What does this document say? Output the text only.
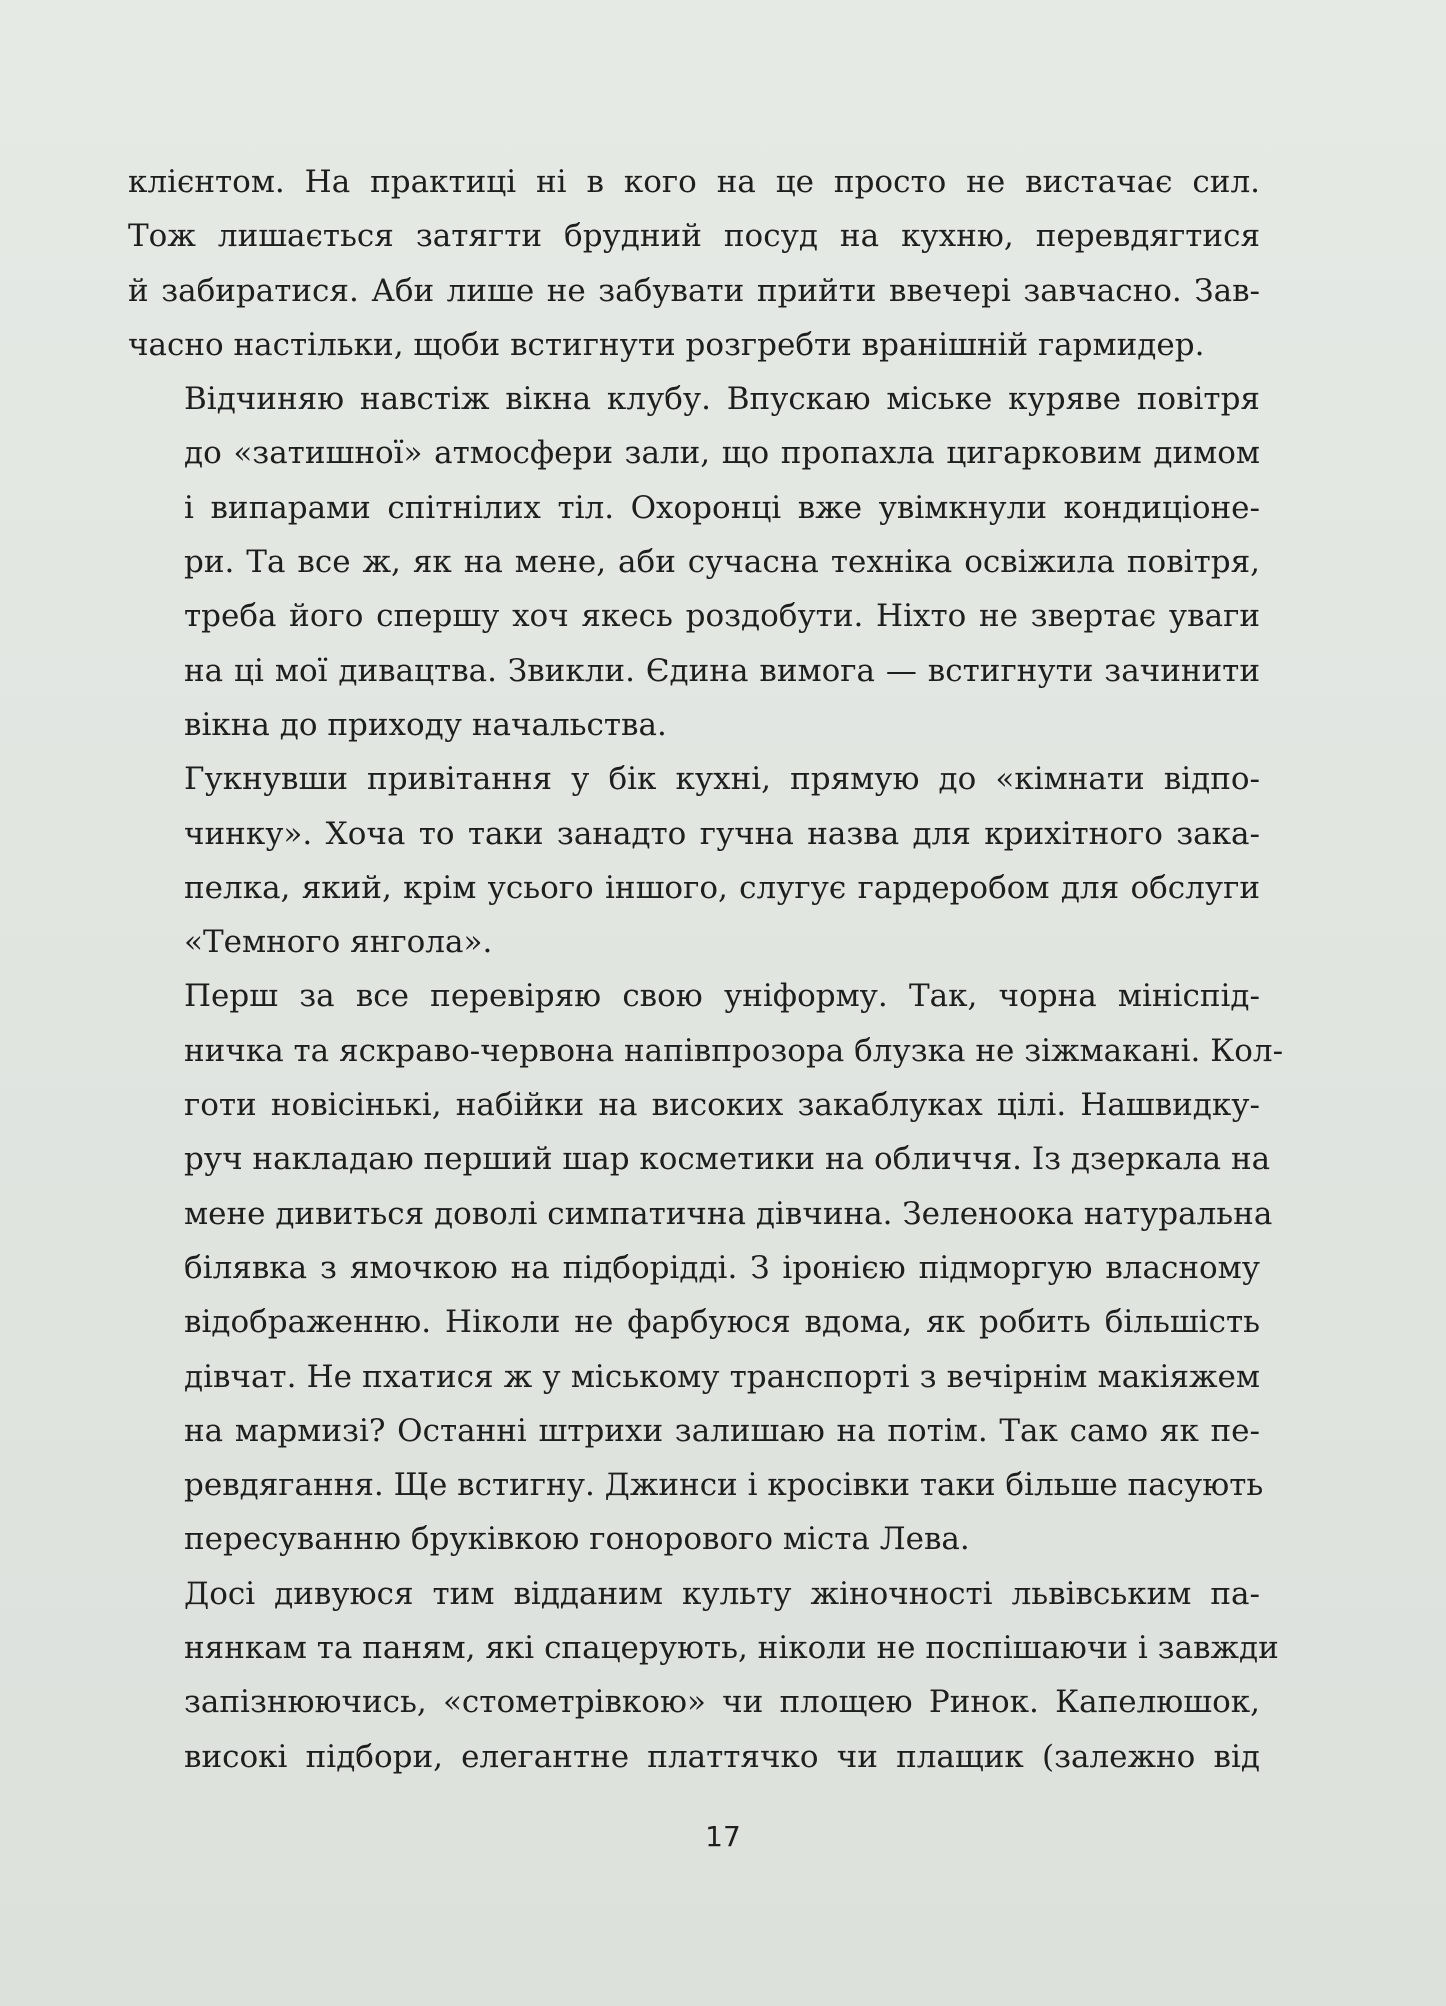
клієнтом. На практиці ні в кого на це просто не вистачає сил.
Тож лишається затягти брудний посуд на кухню, перевдягтися
й забиратися. Аби лише не забувати прийти ввечері завчасно. Зав-
часно настільки, щоби встигнути розгребти вранішній гармидер.

Відчиняю навстіж вікна клубу. Впускаю міське куряве повітря
до «затишної» атмосфери зали, що пропахла цигарковим димом
і випарами спітнілих тіл. Охоронці вже увімкнули кондиціоне-
ри. Та все ж, як на мене, аби сучасна техніка освіжила повітря,
треба його спершу хоч якесь роздобути. Ніхто не звертає уваги
на ці мої дивацтва. Звикли. Єдина вимога — встигнути зачинити
вікна до приходу начальства.

Гукнувши привітання у бік кухні, прямую до «кімнати відпо-
чинку». Хоча то таки занадто гучна назва для крихітного зака-
пелка, який, крім усього іншого, слугує гардеробом для обслуги
«Темного янгола».

Перш за все перевіряю свою уніформу. Так, чорна мініспід-
ничка та яскраво-червона напівпрозора блузка не зіжмакані. Кол-
готи новісінькі, набійки на високих закаблуках цілі. Нашвидку-
руч накладаю перший шар косметики на обличчя. Із дзеркала на
мене дивиться доволі симпатична дівчина. Зеленоока натуральна
білявка з ямочкою на підборідді. З іронією підморгую власному
відображенню. Ніколи не фарбуюся вдома, як робить більшість
дівчат. Не пхатися ж у міському транспорті з вечірнім макіяжем
на мармизі? Останні штрихи залишаю на потім. Так само як пе-
ревдягання. Ще встигну. Джинси і кросівки таки більше пасують
пересуванню бруківкою гонорового міста Лева.

Досі дивуюся тим відданим культу жіночності львівським па-
нянкам та паням, які спацерують, ніколи не поспішаючи і завжди
запізнюючись, «стометрівкою» чи площею Ринок. Капелюшок,
високі підбори, елегантне платтячко чи плащик (залежно від

17
